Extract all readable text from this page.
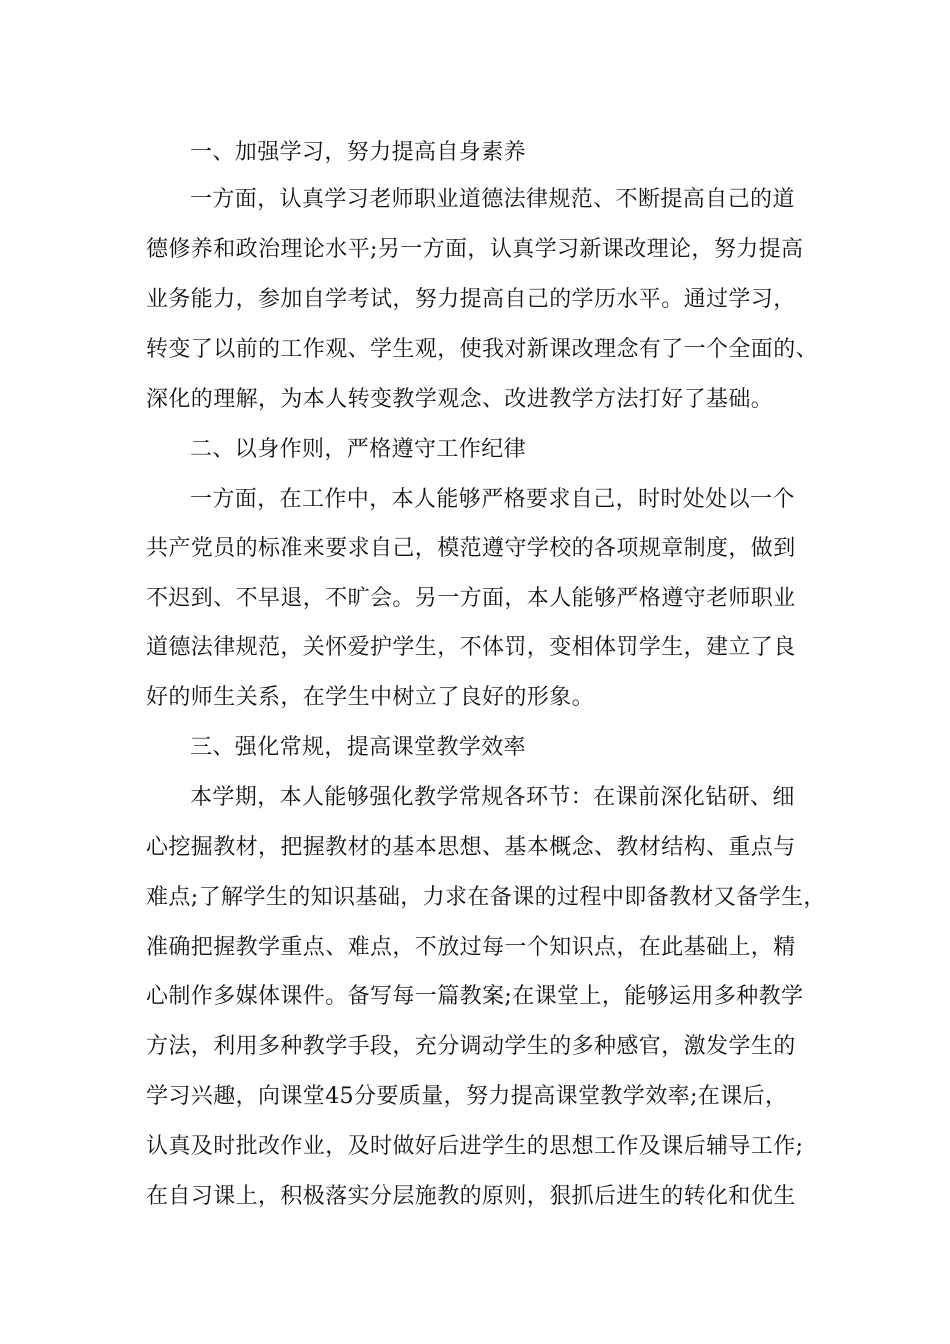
一、加强学习，努力提高自身素养
一方面，认真学习老师职业道德法律规范、不断提高自己的道
德修养和政治理论水平;另一方面，认真学习新课改理论，努力提高
业务能力，参加自学考试，努力提高自己的学历水平。通过学习，
转变了以前的工作观、学生观，使我对新课改理念有了一个全面的、
深化的理解，为本人转变教学观念、改进教学方法打好了基础。
二、以身作则，严格遵守工作纪律
一方面，在工作中，本人能够严格要求自己，时时处处以一个
共产党员的标准来要求自己，模范遵守学校的各项规章制度，做到
不迟到、不早退，不旷会。另一方面，本人能够严格遵守老师职业
道德法律规范，关怀爱护学生，不体罚，变相体罚学生，建立了良
好的师生关系，在学生中树立了良好的形象。
三、强化常规，提高课堂教学效率
本学期，本人能够强化教学常规各环节：在课前深化钻研、细
心挖掘教材，把握教材的基本思想、基本概念、教材结构、重点与
难点;了解学生的知识基础，力求在备课的过程中即备教材又备学生，
准确把握教学重点、难点，不放过每一个知识点，在此基础上，精
心制作多媒体课件。备写每一篇教案;在课堂上，能够运用多种教学
方法，利用多种教学手段，充分调动学生的多种感官，激发学生的
学习兴趣，向课堂45分要质量，努力提高课堂教学效率;在课后，
认真及时批改作业，及时做好后进学生的思想工作及课后辅导工作;
在自习课上，积极落实分层施教的原则，狠抓后进生的转化和优生
